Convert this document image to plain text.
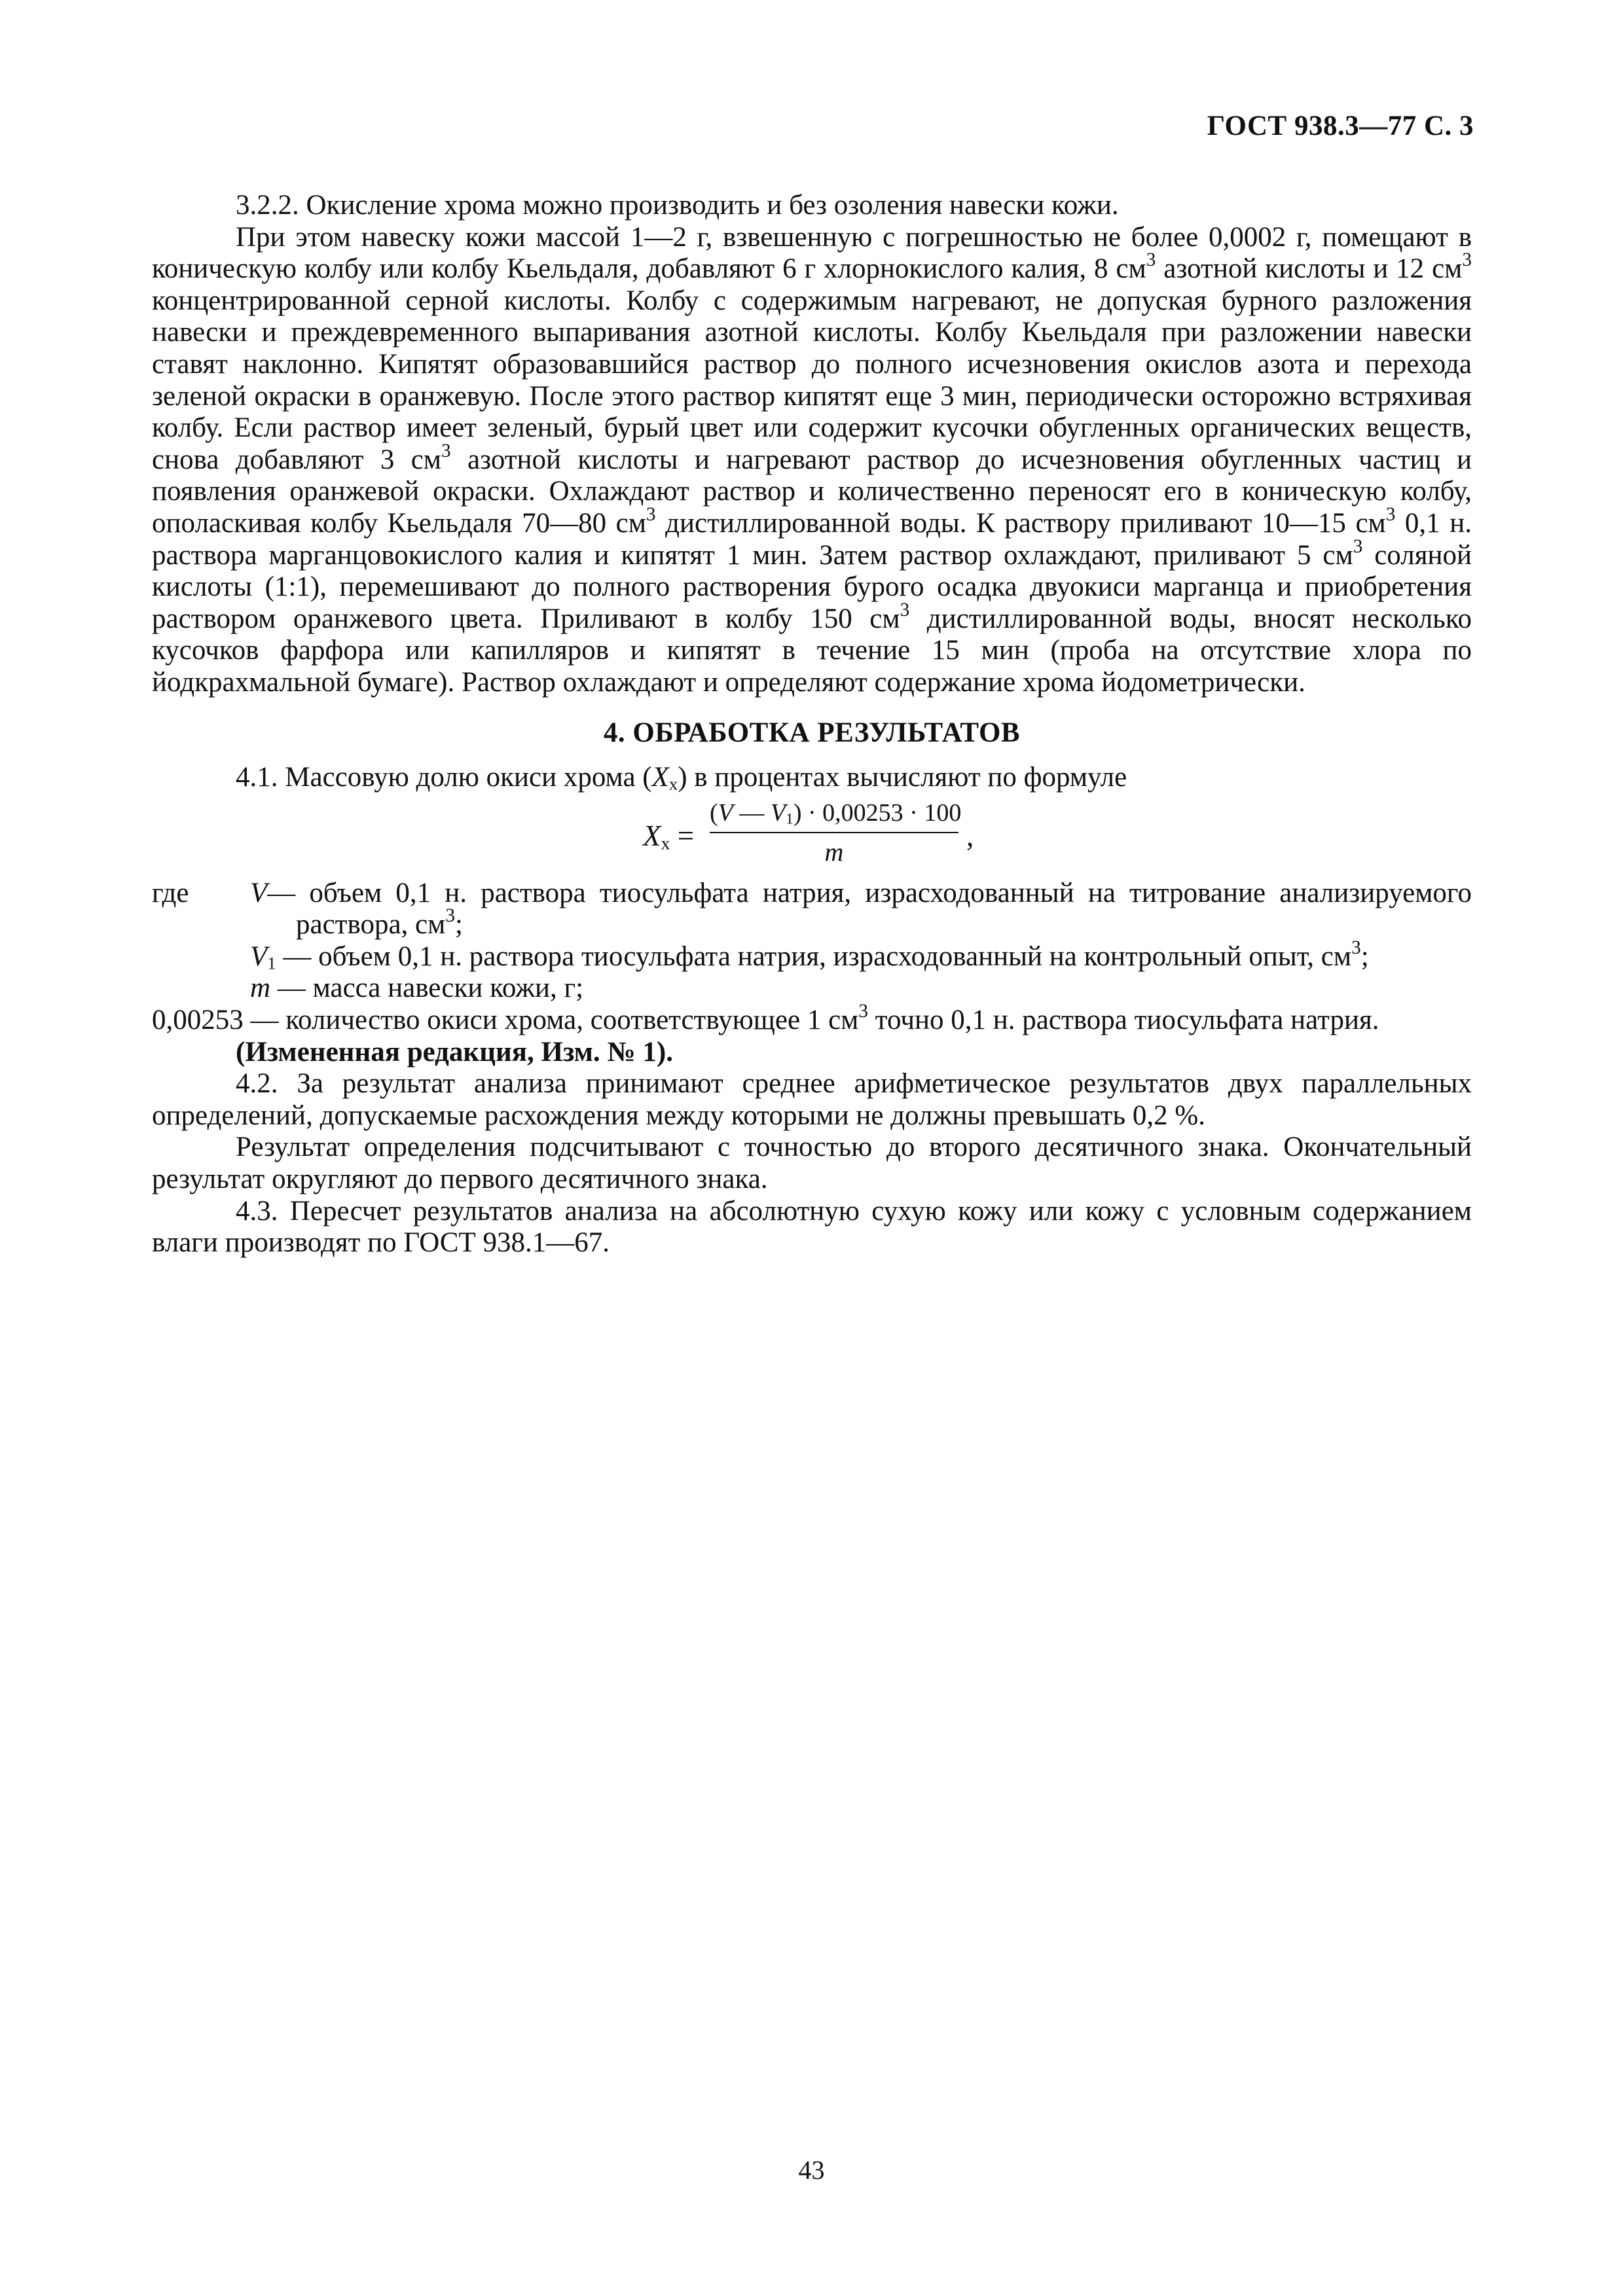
ГОСТ 938.3—77 С. 3

3.2.2. Окисление хрома можно производить и без озоления навески кожи.

При этом навеску кожи массой 1—2 г, взвешенную с погрешностью не более 0,0002 г, помещают в коническую колбу или колбу Кьельдаля, добавляют 6 г хлорнокислого калия, 8 $см^3$ азотной кислоты и 12 $см^3$ концентрированной серной кислоты. Колбу с содержимым нагревают, не допуская бурного разложения навески и преждевременного выпаривания азотной кислоты. Колбу Кьельдаля при разложении навески ставят наклонно. Кипятят образовавшийся раствор до полного исчезновения окислов азота и перехода зеленой окраски в оранжевую. После этого раствор кипятят еще 3 мин, периодически осторожно встряхивая колбу. Если раствор имеет зеленый, бурый цвет или содержит кусочки обугленных органических веществ, снова добавляют 3 $см^3$ азотной кислоты и нагревают раствор до исчезновения обугленных частиц и появления оранжевой окраски. Охлаждают раствор и количественно переносят его в коническую колбу, ополаскивая колбу Кьельдаля 70—80 $см^3$ дистиллированной воды. К раствору приливают 10—15 $см^3$ 0,1 н. раствора марганцовокислого калия и кипятят 1 мин. Затем раствор охлаждают, приливают 5 $см^3$ соляной кислоты (1:1), перемешивают до полного растворения бурого осадка двуокиси марганца и приобретения раствором оранжевого цвета. Приливают в колбу 150 $см^3$ дистиллированной воды, вносят несколько кусочков фарфора или капилляров и кипятят в течение 15 мин (проба на отсутствие хлора по йодкрахмальной бумаге). Раствор охлаждают и определяют содержание хрома йодометрически.

4. ОБРАБОТКА РЕЗУЛЬТАТОВ

4.1. Массовую долю окиси хрома $(X_х)$ в процентах вычисляют по формуле

$X_х$ =
(V — $V_1) \cdot 0,00253 \cdot 100$
m	,
где	V— объем 0,1 н. раствора тиосульфата натрия, израсходованный на титрование анализируемого раствора, $см^3$;

$V_1$ — объем 0,1 н. раствора тиосульфата натрия, израсходованный на контрольный опыт, $см^3$;

m — масса навески кожи, г;

0,00253 — количество окиси хрома, соответствующее 1 $см^3$ точно 0,1 н. раствора тиосульфата натрия.

(Измененная редакция, Изм. № 1).

4.2. За результат анализа принимают среднее арифметическое результатов двух параллельных определений, допускаемые расхождения между которыми не должны превышать 0,2 %.

Результат определения подсчитывают с точностью до второго десятичного знака. Окончательный результат округляют до первого десятичного знака.

4.3. Пересчет результатов анализа на абсолютную сухую кожу или кожу с условным содержанием влаги производят по ГОСТ 938.1—67.

43
